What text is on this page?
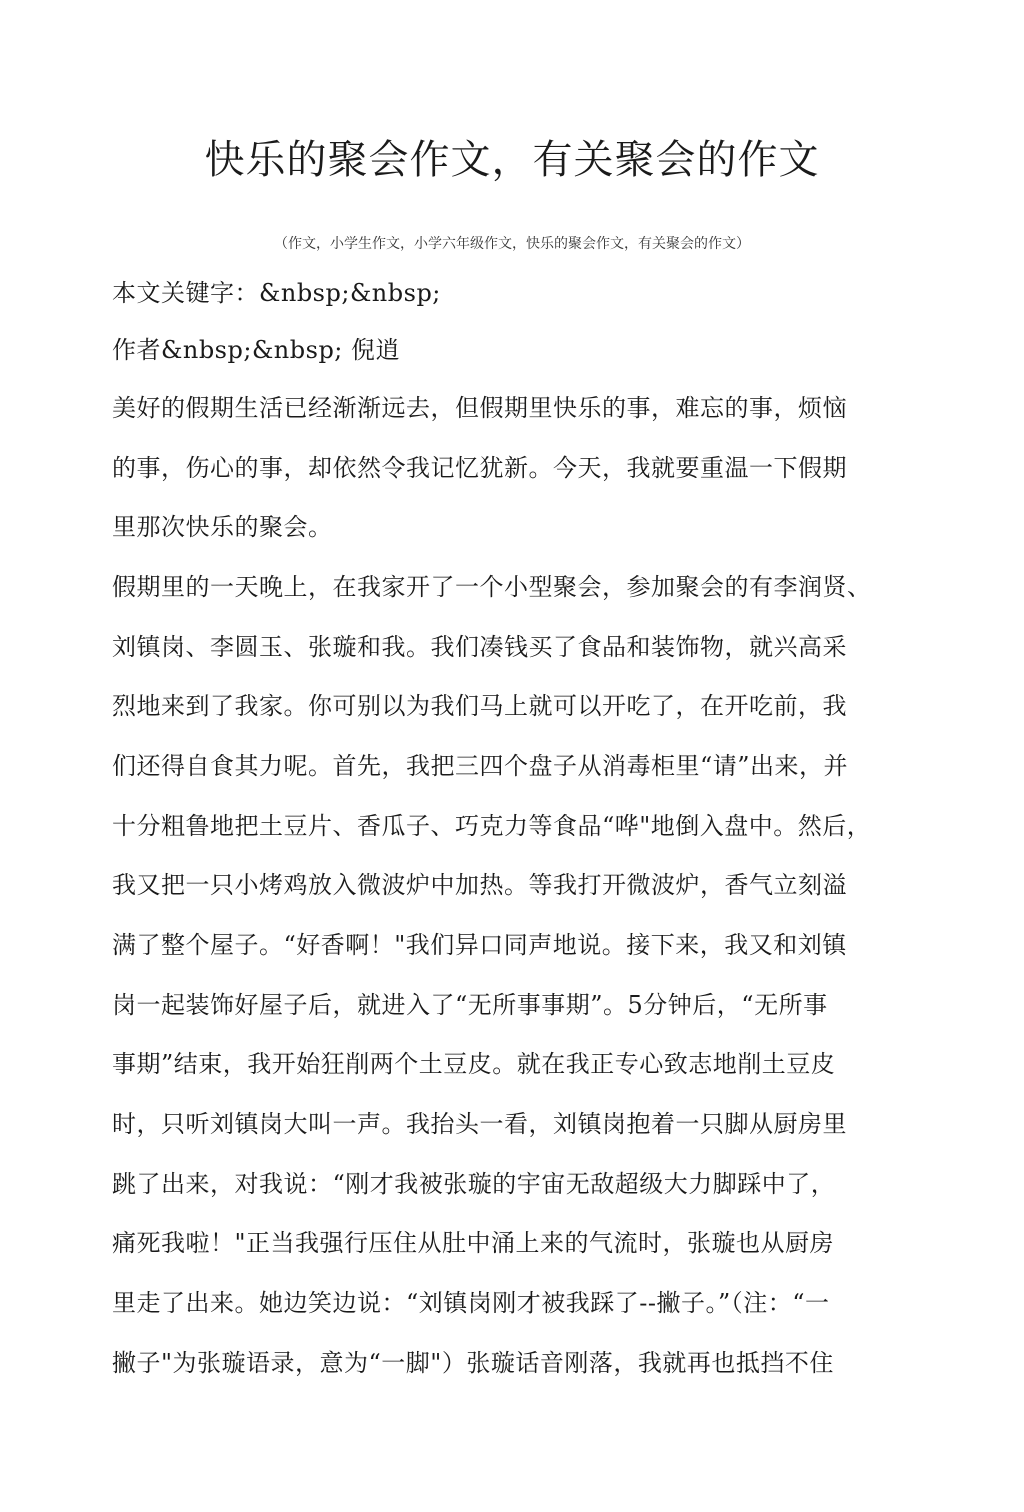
快乐的聚会作文，有关聚会的作文
（作文，小学生作文，小学六年级作文，快乐的聚会作文，有关聚会的作文）
本文关键字：&nbsp;&nbsp;
作者&nbsp;&nbsp; 倪逍
美好的假期生活已经渐渐远去，但假期里快乐的事，难忘的事，烦恼
的事，伤心的事，却依然令我记忆犹新。今天，我就要重温一下假期
里那次快乐的聚会。
假期里的一天晚上，在我家开了一个小型聚会，参加聚会的有李润贤、
刘镇岗、李圆玉、张璇和我。我们凑钱买了食品和装饰物，就兴高采
烈地来到了我家。你可别以为我们马上就可以开吃了，在开吃前，我
们还得自食其力呢。首先，我把三四个盘子从消毒柜里“请”出来，并
十分粗鲁地把土豆片、香瓜子、巧克力等食品“哗"地倒入盘中。然后，
我又把一只小烤鸡放入微波炉中加热。等我打开微波炉，香气立刻溢
满了整个屋子。“好香啊！"我们异口同声地说。接下来，我又和刘镇
岗一起装饰好屋子后，就进入了“无所事事期”。5分钟后，“无所事
事期”结束，我开始狂削两个土豆皮。就在我正专心致志地削土豆皮
时，只听刘镇岗大叫一声。我抬头一看，刘镇岗抱着一只脚从厨房里
跳了出来，对我说：“刚才我被张璇的宇宙无敌超级大力脚踩中了，
痛死我啦！"正当我强行压住从肚中涌上来的气流时，张璇也从厨房
里走了出来。她边笑边说：“刘镇岗刚才被我踩了--撇子。”（注：“一
撇子"为张璇语录，意为“一脚"）张璇话音刚落，我就再也抵挡不住
